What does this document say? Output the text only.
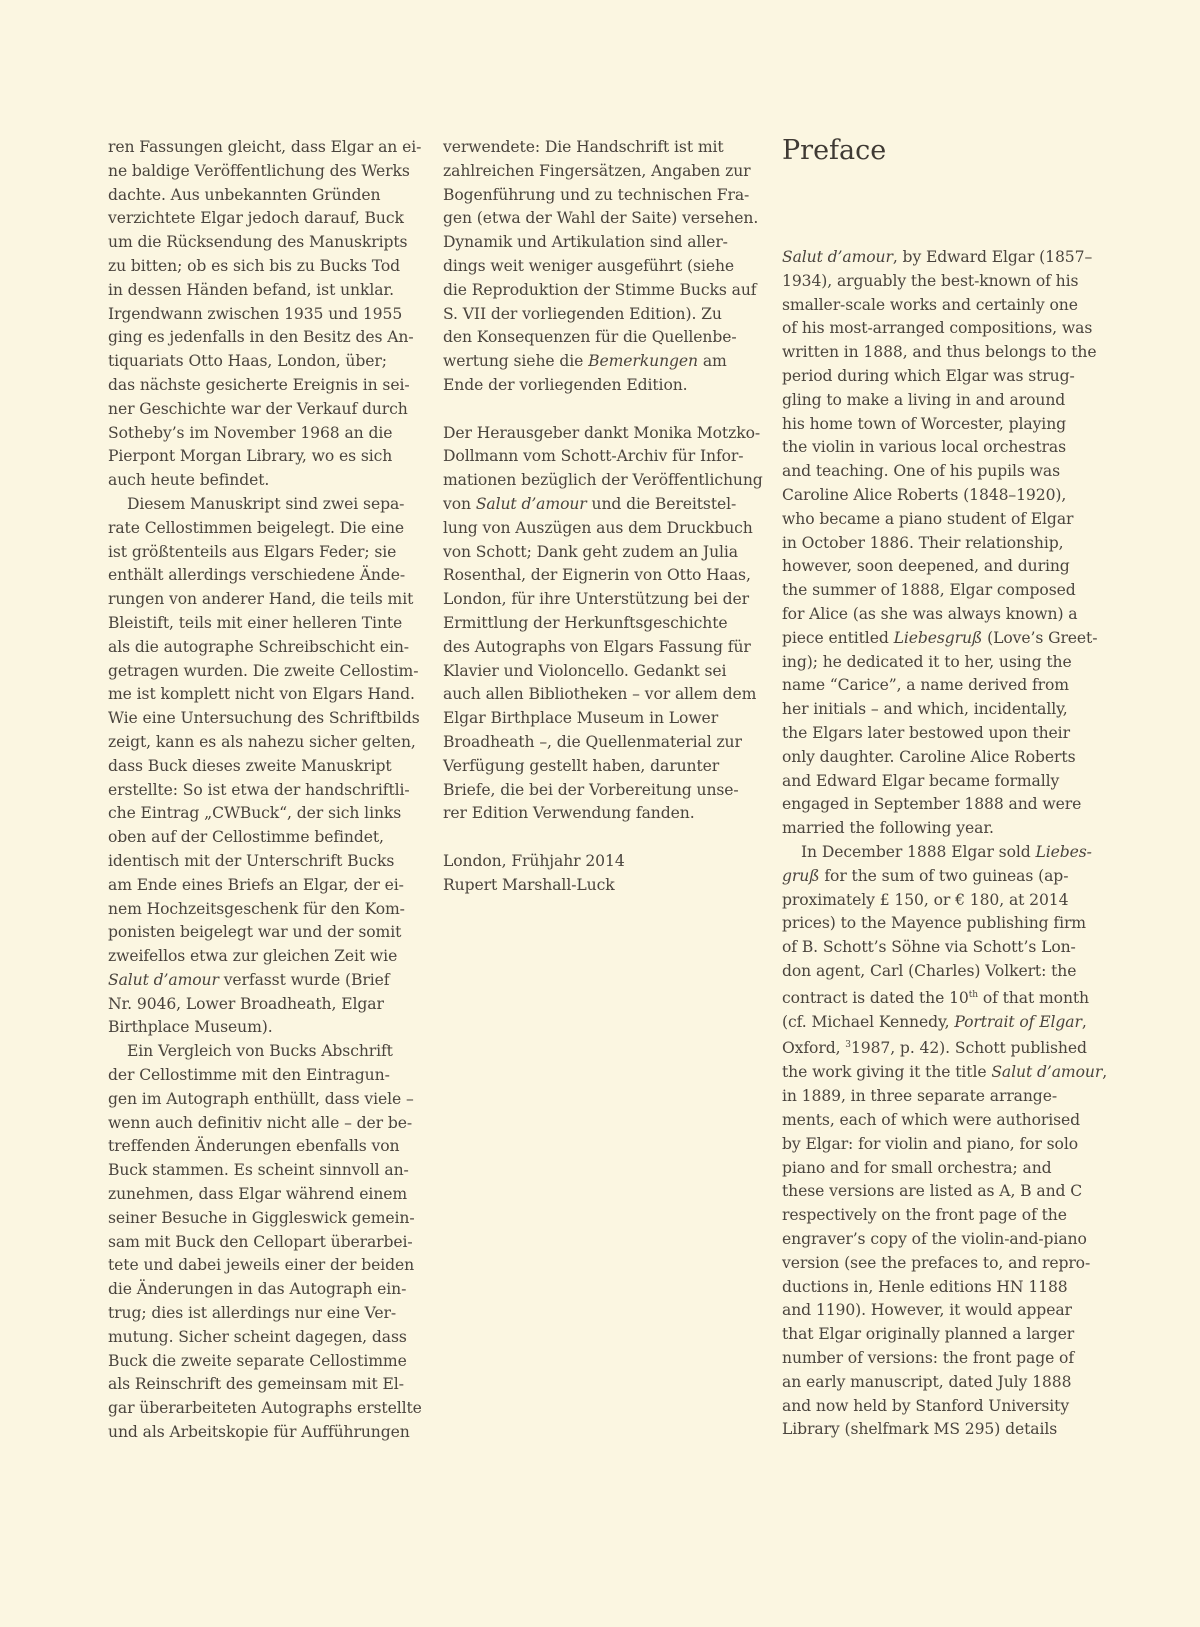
ren Fassungen gleicht, dass Elgar an ei-
ne baldige Veröffentlichung des Werks
dachte. Aus unbekannten Gründen
verzichtete Elgar jedoch darauf, Buck
um die Rücksendung des Manuskripts
zu bitten; ob es sich bis zu Bucks Tod
in dessen Händen befand, ist unklar.
Irgendwann zwischen 1935 und 1955
ging es jedenfalls in den Besitz des An-
tiquariats Otto Haas, London, über;
das nächste gesicherte Ereignis in sei-
ner Geschichte war der Verkauf durch
Sotheby’s im November 1968 an die
Pierpont Morgan Library, wo es sich
auch heute befindet.
Diesem Manuskript sind zwei sepa-
rate Cellostimmen beigelegt. Die eine
ist größtenteils aus Elgars Feder; sie
enthält allerdings verschiedene Ände-
rungen von anderer Hand, die teils mit
Bleistift, teils mit einer helleren Tinte
als die autographe Schreibschicht ein-
getragen wurden. Die zweite Cellostim-
me ist komplett nicht von Elgars Hand.
Wie eine Untersuchung des Schriftbilds
zeigt, kann es als nahezu sicher gelten,
dass Buck dieses zweite Manuskript
erstellte: So ist etwa der handschriftli-
che Eintrag „CWBuck“, der sich links
oben auf der Cellostimme befindet,
identisch mit der Unterschrift Bucks
am Ende eines Briefs an Elgar, der ei-
nem Hochzeitsgeschenk für den Kom-
ponisten beigelegt war und der somit
zweifellos etwa zur gleichen Zeit wie
Salut d’amour verfasst wurde (Brief
Nr. 9046, Lower Broadheath, Elgar
Birthplace Museum).
Ein Vergleich von Bucks Abschrift
der Cellostimme mit den Eintragun-
gen im Autograph enthüllt, dass viele –
wenn auch definitiv nicht alle – der be-
treffenden Änderungen ebenfalls von
Buck stammen. Es scheint sinnvoll an-
zunehmen, dass Elgar während einem
seiner Besuche in Giggleswick gemein-
sam mit Buck den Cellopart überarbei-
tete und dabei jeweils einer der beiden
die Änderungen in das Autograph ein-
trug; dies ist allerdings nur eine Ver-
mutung. Sicher scheint dagegen, dass
Buck die zweite separate Cellostimme
als Reinschrift des gemeinsam mit El-
gar überarbeiteten Autographs erstellte
und als Arbeitskopie für Aufführungen
verwendete: Die Handschrift ist mit
zahlreichen Fingersätzen, Angaben zur
Bogenführung und zu technischen Fra-
gen (etwa der Wahl der Saite) versehen.
Dynamik und Artikulation sind aller-
dings weit weniger ausgeführt (siehe
die Reproduktion der Stimme Bucks auf
S. VII der vorliegenden Edition). Zu
den Konsequenzen für die Quellenbe-
wertung siehe die Bemerkungen am
Ende der vorliegenden Edition.
Der Herausgeber dankt Monika Motzko-
Dollmann vom Schott-Archiv für Infor-
mationen bezüglich der Veröffentlichung
von Salut d’amour und die Bereitstel-
lung von Auszügen aus dem Druckbuch
von Schott; Dank geht zudem an Julia
Rosenthal, der Eignerin von Otto Haas,
London, für ihre Unterstützung bei der
Ermittlung der Herkunftsgeschichte
des Autographs von Elgars Fassung für
Klavier und Violoncello. Gedankt sei
auch allen Bibliotheken – vor allem dem
Elgar Birthplace Museum in Lower
Broadheath –, die Quellenmaterial zur
Verfügung gestellt haben, darunter
Briefe, die bei der Vorbereitung unse-
rer Edition Verwendung fanden.
London, Frühjahr 2014
Rupert Marshall-Luck
Preface
Salut d’amour, by Edward Elgar (1857–
1934), arguably the best-known of his
smaller-scale works and certainly one
of his most-arranged compositions, was
written in 1888, and thus belongs to the
period during which Elgar was strug-
gling to make a living in and around
his home town of Worcester, playing
the violin in various local orchestras
and teaching. One of his pupils was
Caroline Alice Roberts (1848–1920),
who became a piano student of Elgar
in October 1886. Their relationship,
however, soon deepened, and during
the summer of 1888, Elgar composed
for Alice (as she was always known) a
piece entitled Liebesgruß (Love’s Greet-
ing); he dedicated it to her, using the
name “Carice”, a name derived from
her initials – and which, incidentally,
the Elgars later bestowed upon their
only daughter. Caroline Alice Roberts
and Edward Elgar became formally
engaged in September 1888 and were
married the following year.
In December 1888 Elgar sold Liebes-
gruß for the sum of two guineas (ap-
proximately £ 150, or € 180, at 2014
prices) to the Mayence publishing firm
of B. Schott’s Söhne via Schott’s Lon-
don agent, Carl (Charles) Volkert: the
contract is dated the 10th of that month
(cf. Michael Kennedy, Portrait of Elgar,
Oxford, $^3$1987, p. 42). Schott published
the work giving it the title Salut d’amour,
in 1889, in three separate arrange-
ments, each of which were authorised
by Elgar: for violin and piano, for solo
piano and for small orchestra; and
these versions are listed as A, B and C
respectively on the front page of the
engraver’s copy of the violin-and-piano
version (see the prefaces to, and repro-
ductions in, Henle editions HN 1188
and 1190). However, it would appear
that Elgar originally planned a larger
number of versions: the front page of
an early manuscript, dated July 1888
and now held by Stanford University
Library (shelfmark MS 295) details
